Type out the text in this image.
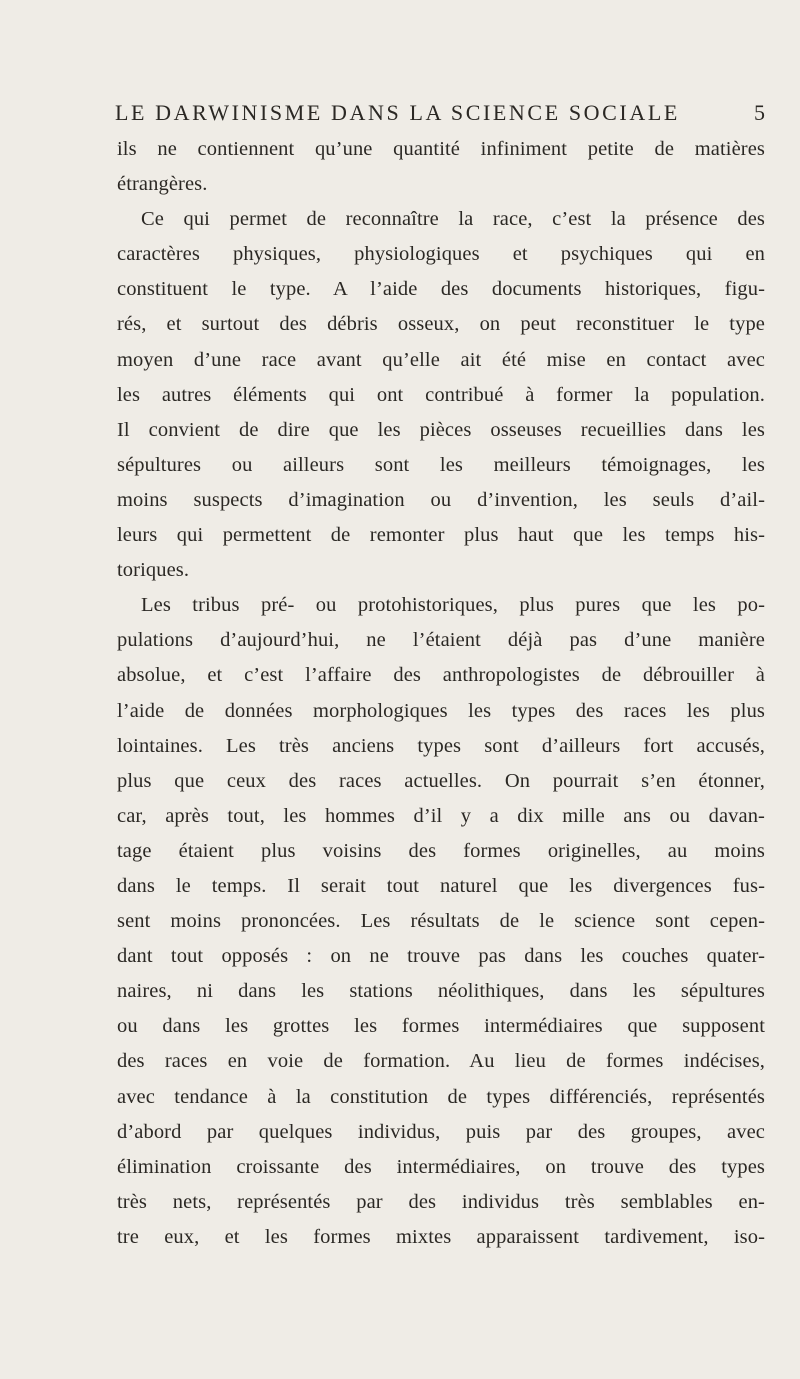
LE DARWINISME DANS LA SCIENCE SOCIALE	5
ils ne contiennent qu’une quantité infiniment petite de matières
étrangères.
Ce qui permet de reconnaître la race, c’est la présence des
caractères physiques, physiologiques et psychiques qui en
constituent le type. A l’aide des documents historiques, figu-
rés, et surtout des débris osseux, on peut reconstituer le type
moyen d’une race avant qu’elle ait été mise en contact avec
les autres éléments qui ont contribué à former la population.
Il convient de dire que les pièces osseuses recueillies dans les
sépultures ou ailleurs sont les meilleurs témoignages, les
moins suspects d’imagination ou d’invention, les seuls d’ail-
leurs qui permettent de remonter plus haut que les temps his-
toriques.
Les tribus pré- ou protohistoriques, plus pures que les po-
pulations d’aujourd’hui, ne l’étaient déjà pas d’une manière
absolue, et c’est l’affaire des anthropologistes de débrouiller à
l’aide de données morphologiques les types des races les plus
lointaines. Les très anciens types sont d’ailleurs fort accusés,
plus que ceux des races actuelles. On pourrait s’en étonner,
car, après tout, les hommes d’il y a dix mille ans ou davan-
tage étaient plus voisins des formes originelles, au moins
dans le temps. Il serait tout naturel que les divergences fus-
sent moins prononcées. Les résultats de le science sont cepen-
dant tout opposés : on ne trouve pas dans les couches quater-
naires, ni dans les stations néolithiques, dans les sépultures
ou dans les grottes les formes intermédiaires que supposent
des races en voie de formation. Au lieu de formes indécises,
avec tendance à la constitution de types différenciés, représentés
d’abord par quelques individus, puis par des groupes, avec
élimination croissante des intermédiaires, on trouve des types
très nets, représentés par des individus très semblables en-
tre eux, et les formes mixtes apparaissent tardivement, iso-
